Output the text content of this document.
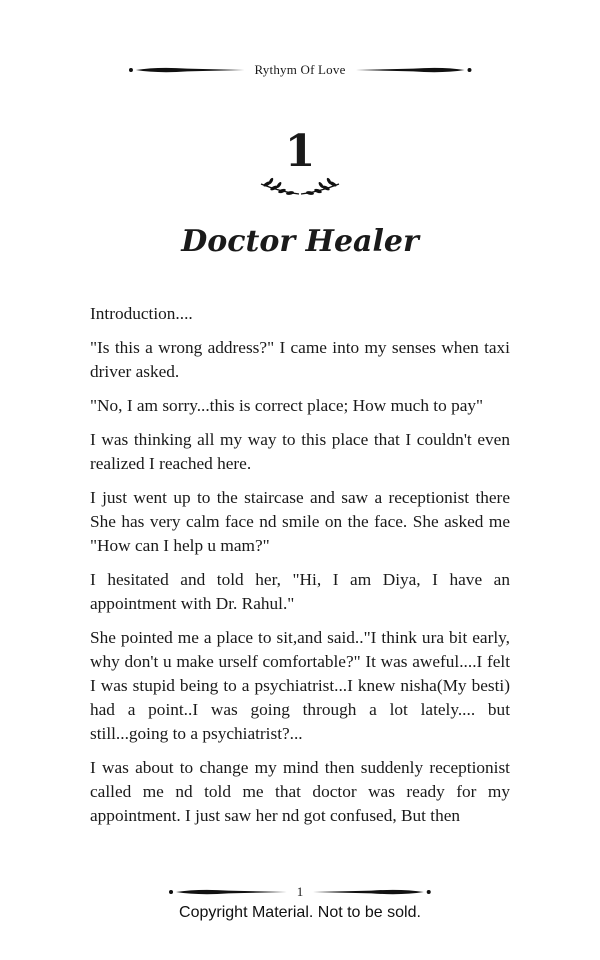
Rythym Of Love
1
Doctor Healer

Introduction....

"Is this a wrong address?" I came into my senses when taxi driver asked.

"No, I am sorry...this is correct place; How much to pay"

I was thinking all my way to this place that I couldn't even realized I reached here.

I just went up to the staircase and saw a receptionist there She has very calm face nd smile on the face. She asked me "How can I help u mam?"

I hesitated and told her, "Hi, I am Diya, I have an appointment with Dr. Rahul."

She pointed me a place to sit,and said.."I think ura bit early, why don't u make urself comfortable?" It was aweful....I felt I was stupid being to a psychiatrist...I knew nisha(My besti) had a point..I was going through a lot lately.... but still...going to a psychiatrist?...

I was about to change my mind then suddenly receptionist called me nd told me that doctor was ready for my appointment. I just saw her nd got confused, But then

1
Copyright Material. Not to be sold.
